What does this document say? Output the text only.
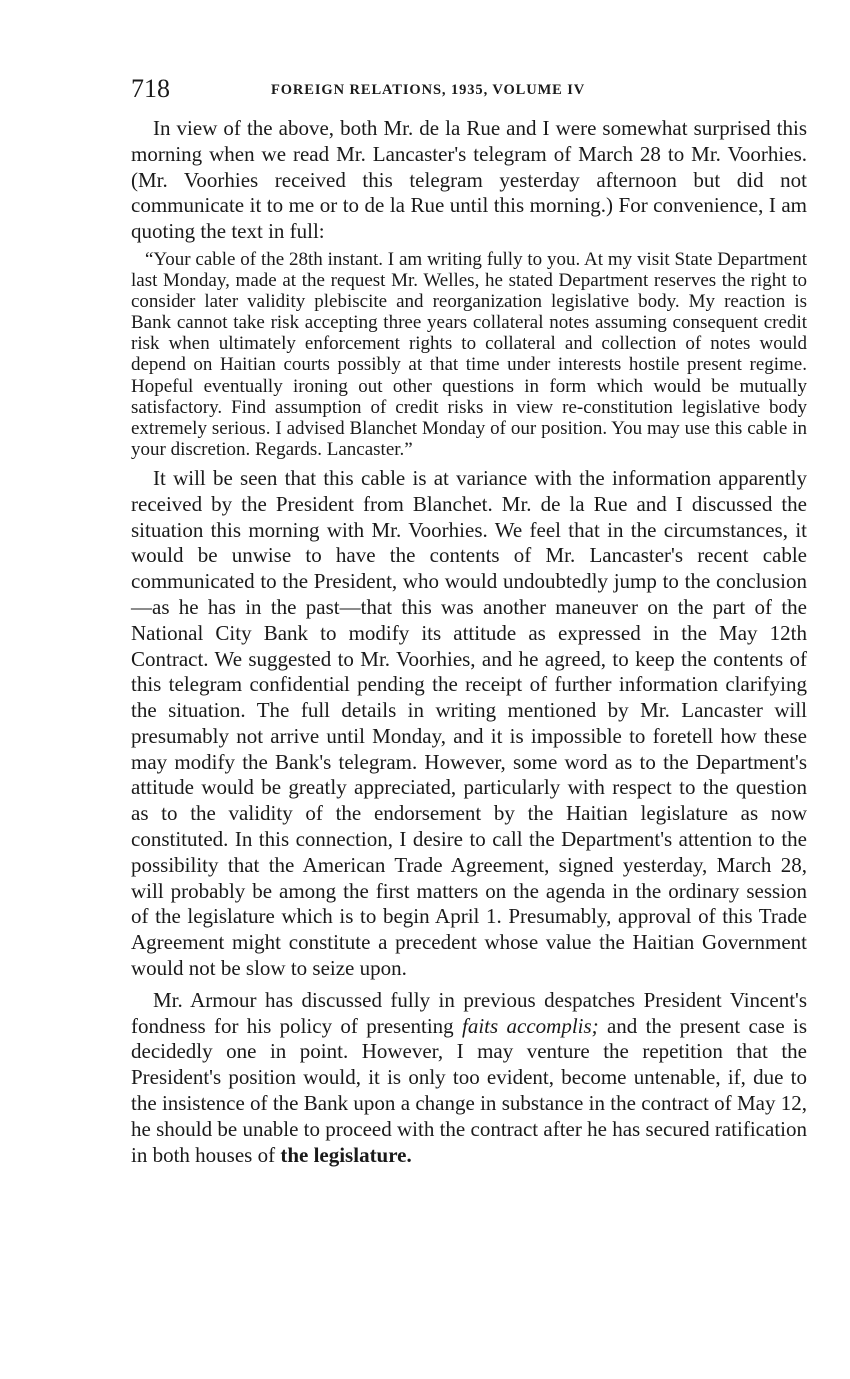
718	FOREIGN RELATIONS, 1935, VOLUME IV

In view of the above, both Mr. de la Rue and I were somewhat surprised this morning when we read Mr. Lancaster's telegram of March 28 to Mr. Voorhies. (Mr. Voorhies received this telegram yesterday afternoon but did not communicate it to me or to de la Rue until this morning.) For convenience, I am quoting the text in full:

“Your cable of the 28th instant. I am writing fully to you. At my visit State Department last Monday, made at the request Mr. Welles, he stated Department reserves the right to consider later validity plebiscite and reorganization legislative body. My reaction is Bank cannot take risk accepting three years collateral notes assuming consequent credit risk when ultimately enforcement rights to collateral and collection of notes would depend on Haitian courts possibly at that time under interests hostile present regime. Hopeful eventually ironing out other questions in form which would be mutually satisfactory. Find assumption of credit risks in view re-constitution legislative body extremely serious. I advised Blanchet Monday of our position. You may use this cable in your discretion. Regards. Lancaster.”

It will be seen that this cable is at variance with the information apparently received by the President from Blanchet. Mr. de la Rue and I discussed the situation this morning with Mr. Voorhies. We feel that in the circumstances, it would be unwise to have the contents of Mr. Lancaster's recent cable communicated to the President, who would undoubtedly jump to the conclusion—as he has in the past—that this was another maneuver on the part of the National City Bank to modify its attitude as expressed in the May 12th Contract. We suggested to Mr. Voorhies, and he agreed, to keep the contents of this telegram confidential pending the receipt of further information clarifying the situation. The full details in writing mentioned by Mr. Lancaster will presumably not arrive until Monday, and it is impossible to foretell how these may modify the Bank's telegram. However, some word as to the Department's attitude would be greatly appreciated, particularly with respect to the question as to the validity of the endorsement by the Haitian legislature as now constituted. In this connection, I desire to call the Department's attention to the possibility that the American Trade Agreement, signed yesterday, March 28, will probably be among the first matters on the agenda in the ordinary session of the legislature which is to begin April 1. Presumably, approval of this Trade Agreement might constitute a precedent whose value the Haitian Government would not be slow to seize upon.

Mr. Armour has discussed fully in previous despatches President Vincent's fondness for his policy of presenting faits accomplis; and the present case is decidedly one in point. However, I may venture the repetition that the President's position would, it is only too evident, become untenable, if, due to the insistence of the Bank upon a change in substance in the contract of May 12, he should be unable to proceed with the contract after he has secured ratification in both houses of the legislature.
